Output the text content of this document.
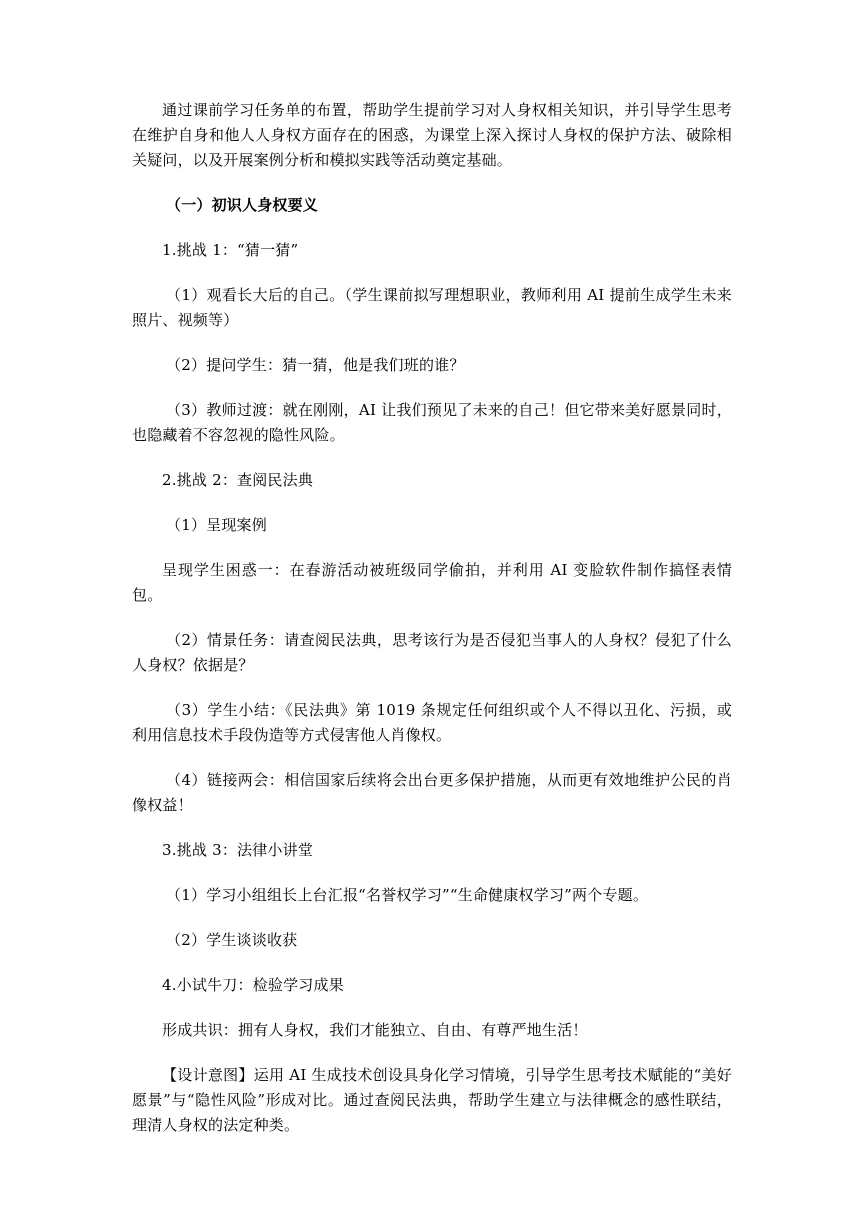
通过课前学习任务单的布置，帮助学生提前学习对人身权相关知识，并引导学生思考在维护自身和他人人身权方面存在的困惑，为课堂上深入探讨人身权的保护方法、破除相关疑问，以及开展案例分析和模拟实践等活动奠定基础。

（一）初识人身权要义

1.挑战 1：“猜一猜”

（1）观看长大后的自己。（学生课前拟写理想职业，教师利用 AI 提前生成学生未来照片、视频等）

（2）提问学生：猜一猜，他是我们班的谁？

（3）教师过渡：就在刚刚，AI 让我们预见了未来的自己！但它带来美好愿景同时，也隐藏着不容忽视的隐性风险。

2.挑战 2：查阅民法典

（1）呈现案例

呈现学生困惑一：在春游活动被班级同学偷拍，并利用 AI 变脸软件制作搞怪表情包。

（2）情景任务：请查阅民法典，思考该行为是否侵犯当事人的人身权？侵犯了什么人身权？依据是？

（3）学生小结：《民法典》第 1019 条规定任何组织或个人不得以丑化、污损，或利用信息技术手段伪造等方式侵害他人肖像权。

（4）链接两会：相信国家后续将会出台更多保护措施，从而更有效地维护公民的肖像权益！

3.挑战 3：法律小讲堂

（1）学习小组组长上台汇报“名誉权学习”“生命健康权学习”两个专题。

（2）学生谈谈收获

4.小试牛刀：检验学习成果

形成共识：拥有人身权，我们才能独立、自由、有尊严地生活！

【设计意图】运用 AI 生成技术创设具身化学习情境，引导学生思考技术赋能的“美好愿景”与“隐性风险”形成对比。通过查阅民法典，帮助学生建立与法律概念的感性联结，理清人身权的法定种类。
